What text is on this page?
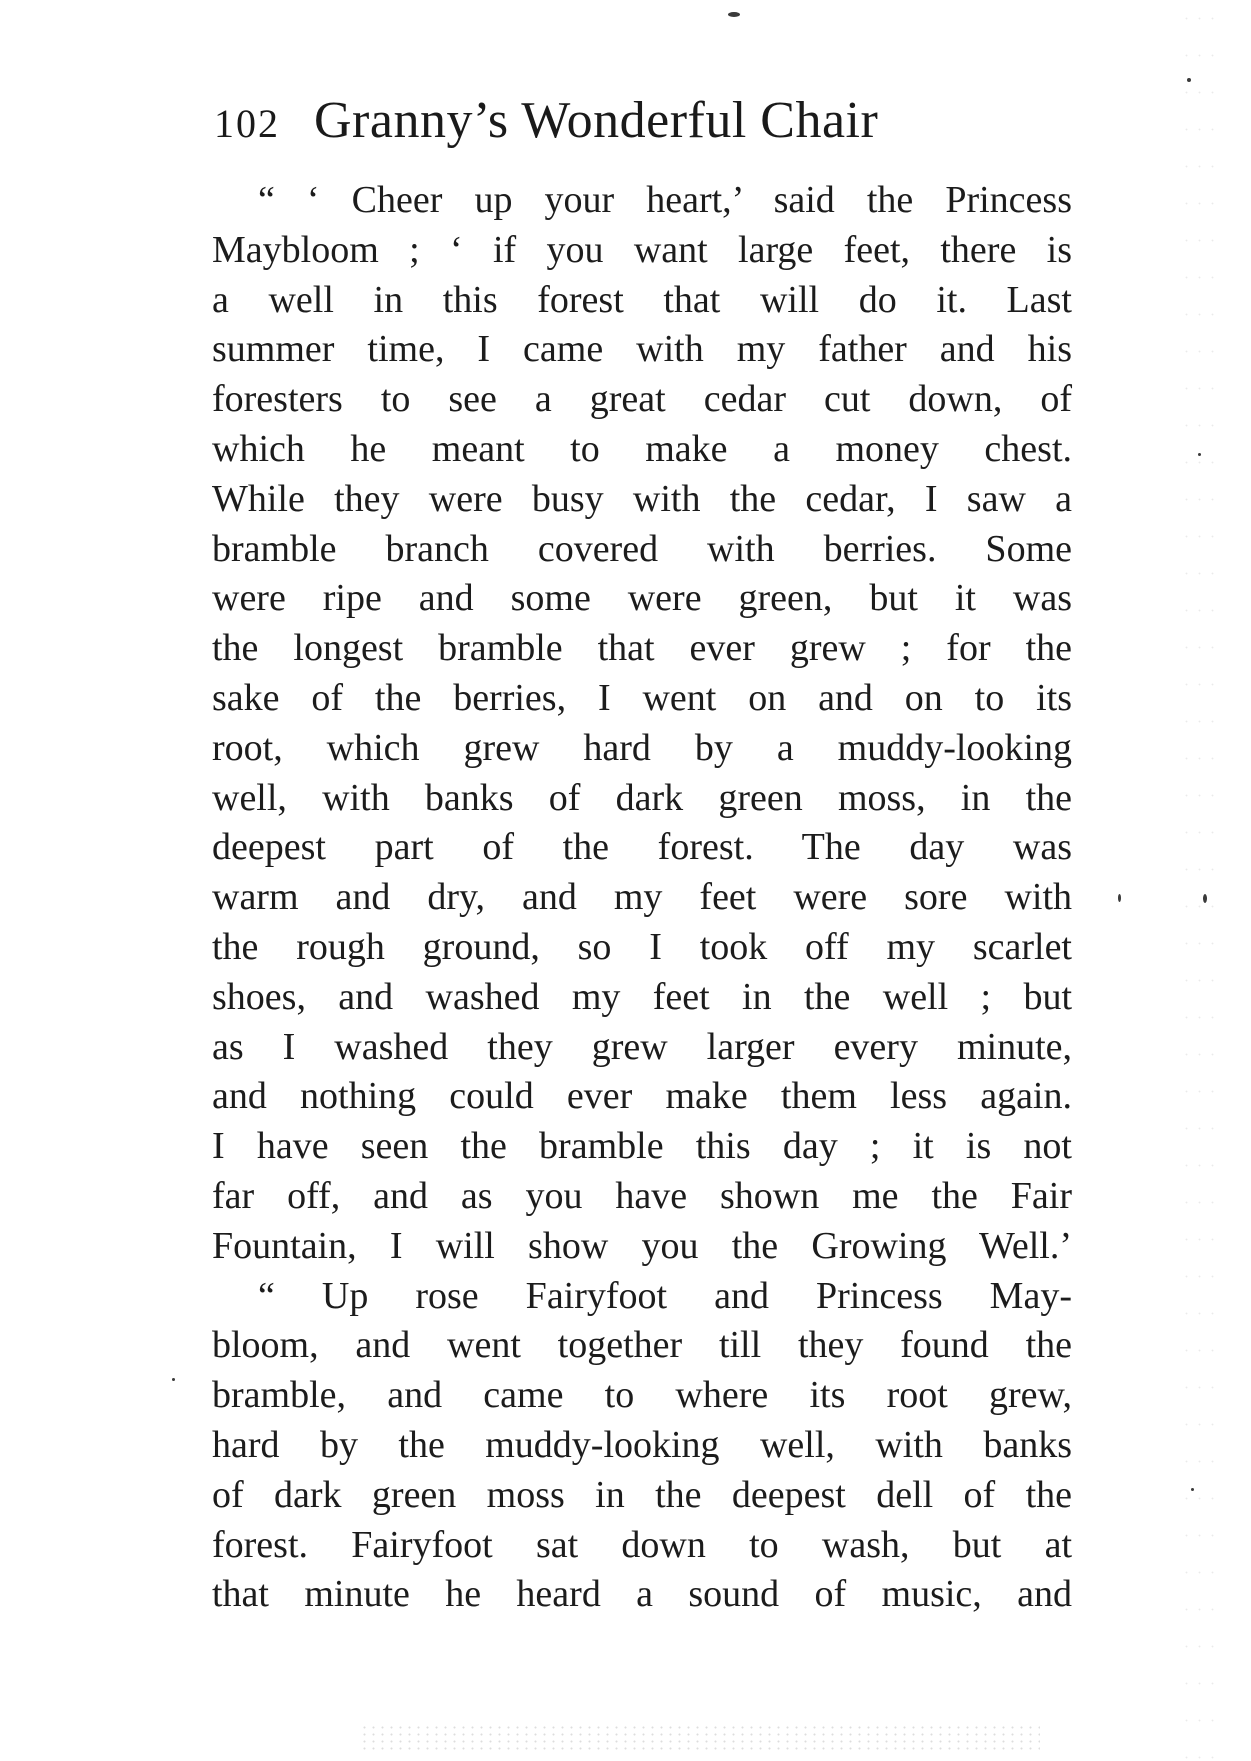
102 Granny’s Wonderful Chair
“ ‘ Cheer up your heart,’ said the Princess
Maybloom ; ‘ if you want large feet, there is
a well in this forest that will do it. Last
summer time, I came with my father and his
foresters to see a great cedar cut down, of
which he meant to make a money chest.
While they were busy with the cedar, I saw a
bramble branch covered with berries. Some
were ripe and some were green, but it was
the longest bramble that ever grew ; for the
sake of the berries, I went on and on to its
root, which grew hard by a muddy-looking
well, with banks of dark green moss, in the
deepest part of the forest. The day was
warm and dry, and my feet were sore with
the rough ground, so I took off my scarlet
shoes, and washed my feet in the well ; but
as I washed they grew larger every minute,
and nothing could ever make them less again.
I have seen the bramble this day ; it is not
far off, and as you have shown me the Fair
Fountain, I will show you the Growing Well.’
“ Up rose Fairyfoot and Princess May-
bloom, and went together till they found the
bramble, and came to where its root grew,
hard by the muddy-looking well, with banks
of dark green moss in the deepest dell of the
forest. Fairyfoot sat down to wash, but at
that minute he heard a sound of music, and
